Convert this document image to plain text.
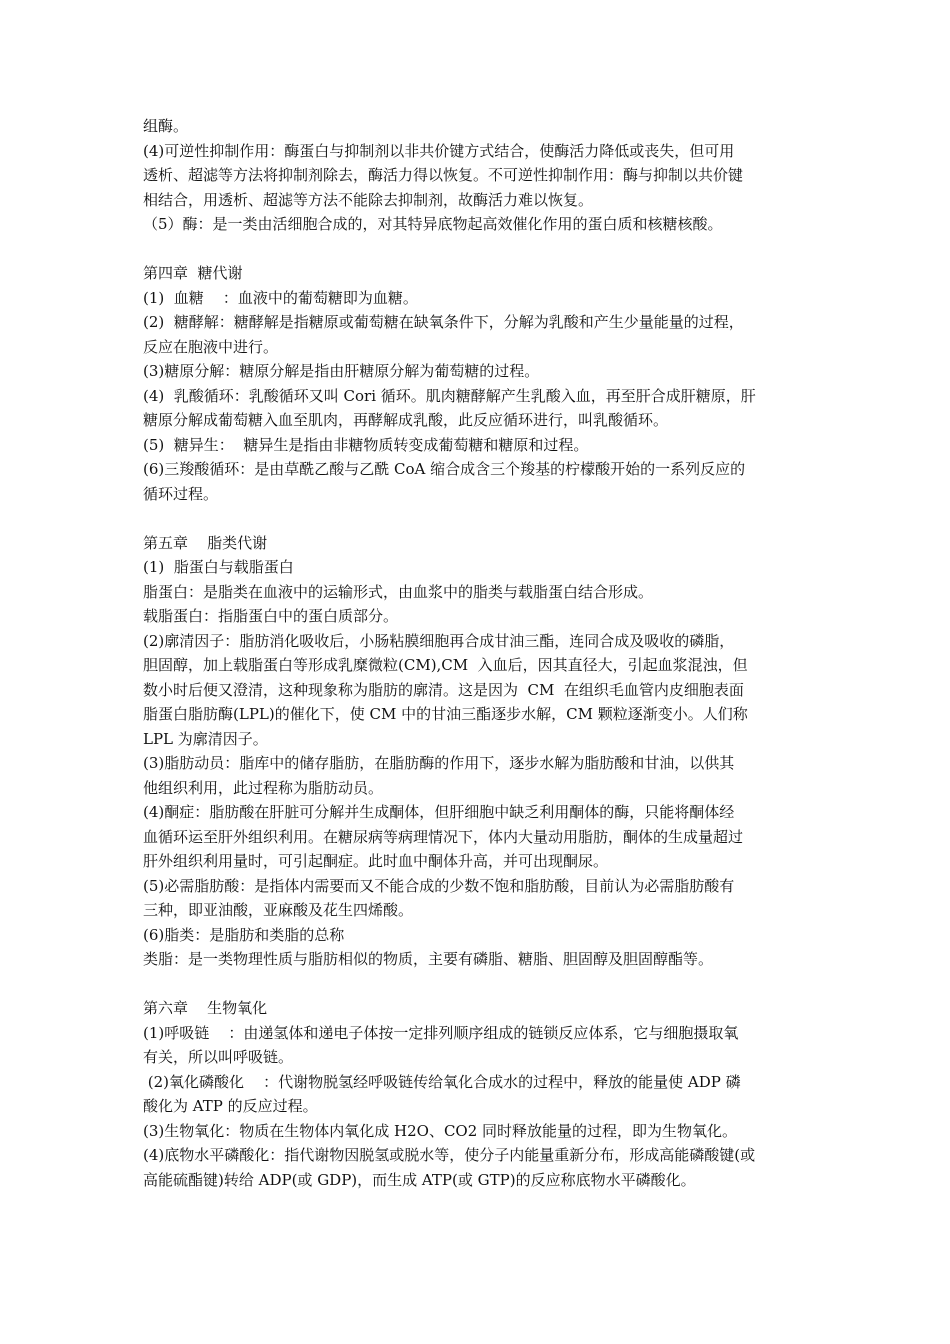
组酶。
(4)可逆性抑制作用：酶蛋白与抑制剂以非共价键方式结合，使酶活力降低或丧失，但可用
透析、超滤等方法将抑制剂除去，酶活力得以恢复。不可逆性抑制作用：酶与抑制以共价键
相结合，用透析、超滤等方法不能除去抑制剂，故酶活力难以恢复。
（5）酶：是一类由活细胞合成的，对其特异底物起高效催化作用的蛋白质和核糖核酸。
第四章  糖代谢
(1)  血糖    ：血液中的葡萄糖即为血糖。
(2)  糖酵解：糖酵解是指糖原或葡萄糖在缺氧条件下，分解为乳酸和产生少量能量的过程，
反应在胞液中进行。
(3)糖原分解：糖原分解是指由肝糖原分解为葡萄糖的过程。
(4)  乳酸循环：乳酸循环又叫 Cori 循环。肌肉糖酵解产生乳酸入血，再至肝合成肝糖原，肝
糖原分解成葡萄糖入血至肌肉，再酵解成乳酸，此反应循环进行，叫乳酸循环。
(5)  糖异生：  糖异生是指由非糖物质转变成葡萄糖和糖原和过程。
(6)三羧酸循环：是由草酰乙酸与乙酰 CoA 缩合成含三个羧基的柠檬酸开始的一系列反应的
循环过程。
第五章    脂类代谢
(1)  脂蛋白与载脂蛋白
脂蛋白：是脂类在血液中的运输形式，由血浆中的脂类与载脂蛋白结合形成。
载脂蛋白：指脂蛋白中的蛋白质部分。
(2)廓清因子：脂肪消化吸收后，小肠粘膜细胞再合成甘油三酯，连同合成及吸收的磷脂，
胆固醇，加上载脂蛋白等形成乳糜微粒(CM),CM  入血后，因其直径大，引起血浆混浊，但
数小时后便又澄清，这种现象称为脂肪的廓清。这是因为  CM  在组织毛血管内皮细胞表面
脂蛋白脂肪酶(LPL)的催化下，使 CM 中的甘油三酯逐步水解，CM 颗粒逐渐变小。人们称
LPL 为廓清因子。
(3)脂肪动员：脂库中的储存脂肪，在脂肪酶的作用下，逐步水解为脂肪酸和甘油，以供其
他组织利用，此过程称为脂肪动员。
(4)酮症：脂肪酸在肝脏可分解并生成酮体，但肝细胞中缺乏利用酮体的酶，只能将酮体经
血循环运至肝外组织利用。在糖尿病等病理情况下，体内大量动用脂肪，酮体的生成量超过
肝外组织利用量时，可引起酮症。此时血中酮体升高，并可出现酮尿。
(5)必需脂肪酸：是指体内需要而又不能合成的少数不饱和脂肪酸，目前认为必需脂肪酸有
三种，即亚油酸，亚麻酸及花生四烯酸。
(6)脂类：是脂肪和类脂的总称
类脂：是一类物理性质与脂肪相似的物质，主要有磷脂、糖脂、胆固醇及胆固醇酯等。
第六章    生物氧化
(1)呼吸链    ：由递氢体和递电子体按一定排列顺序组成的链锁反应体系，它与细胞摄取氧
有关，所以叫呼吸链。
(2)氧化磷酸化    ：代谢物脱氢经呼吸链传给氧化合成水的过程中，释放的能量使 ADP 磷
酸化为 ATP 的反应过程。
(3)生物氧化：物质在生物体内氧化成 H2O、CO2 同时释放能量的过程，即为生物氧化。
(4)底物水平磷酸化：指代谢物因脱氢或脱水等，使分子内能量重新分布，形成高能磷酸键(或
高能硫酯键)转给 ADP(或 GDP)，而生成 ATP(或 GTP)的反应称底物水平磷酸化。
